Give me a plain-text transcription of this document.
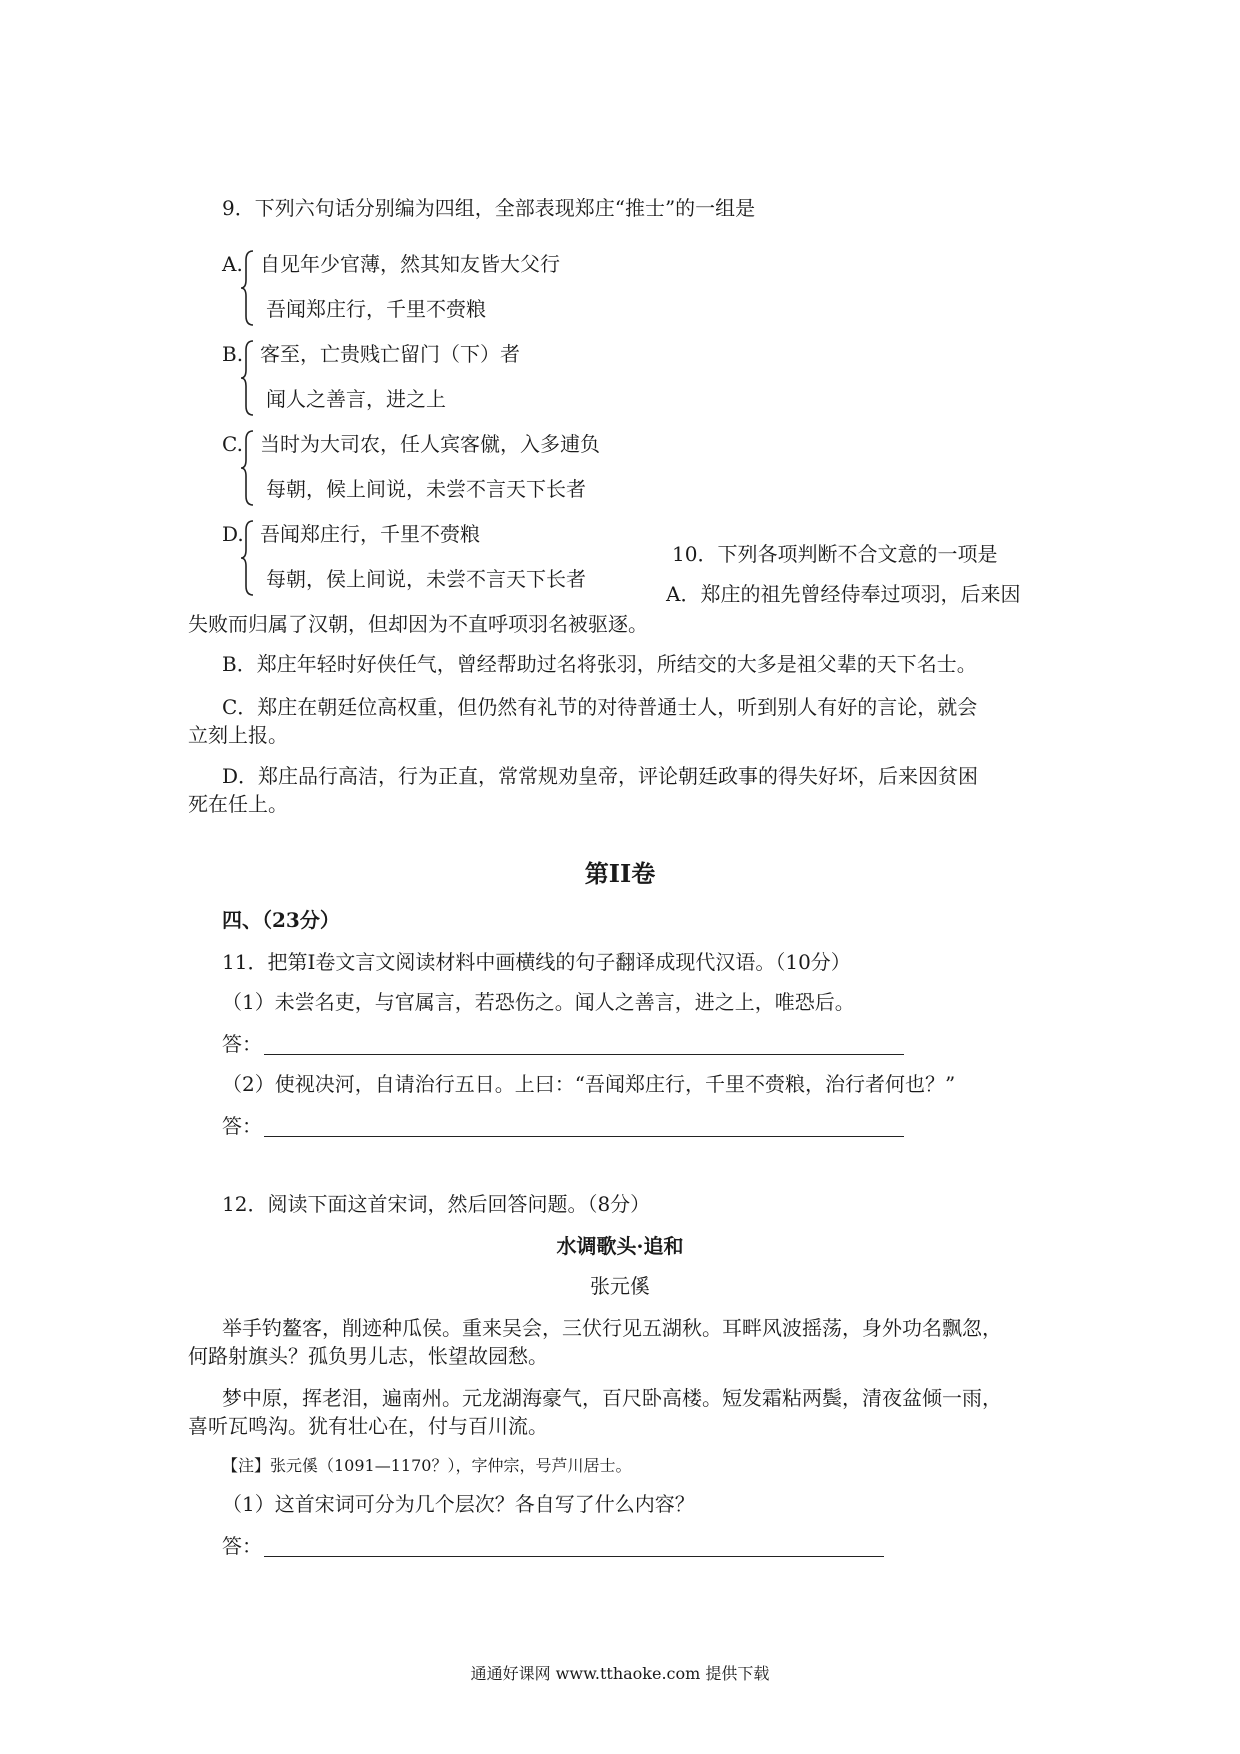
9．下列六句话分别编为四组，全部表现郑庄“推士”的一组是
A. 自见年少官薄，然其知友皆大父行
吾闻郑庄行，千里不赍粮
B. 客至，亡贵贱亡留门（下）者
闻人之善言，进之上
C. 当时为大司农，任人宾客僦，入多逋负
每朝，候上间说，未尝不言天下长者
D. 吾闻郑庄行，千里不赍粮
每朝，侯上间说，未尝不言天下长者
10．下列各项判断不合文意的一项是
A．郑庄的祖先曾经侍奉过项羽，后来因
失败而归属了汉朝，但却因为不直呼项羽名被驱逐。
B．郑庄年轻时好侠任气，曾经帮助过名将张羽，所结交的大多是祖父辈的天下名士。
C．郑庄在朝廷位高权重，但仍然有礼节的对待普通士人，听到别人有好的言论，就会
立刻上报。
D．郑庄品行高洁，行为正直，常常规劝皇帝，评论朝廷政事的得失好坏，后来因贫困
死在任上。
第II卷
四、（23分）
11．把第I卷文言文阅读材料中画横线的句子翻译成现代汉语。（10分）
（1）未尝名吏，与官属言，若恐伤之。闻人之善言，进之上，唯恐后。
答：
（2）使视决河，自请治行五日。上曰：“吾闻郑庄行，千里不赍粮，治行者何也？”
答：
12．阅读下面这首宋词，然后回答问题。（8分）
水调歌头·追和
张元傒
举手钓鳌客，削迹种瓜侯。重来吴会，三伏行见五湖秋。耳畔风波摇荡，身外功名飘忽，
何路射旗头？孤负男儿志，怅望故园愁。
梦中原，挥老泪，遍南州。元龙湖海豪气，百尺卧高楼。短发霜粘两鬓，清夜盆倾一雨，
喜听瓦鸣沟。犹有壮心在，付与百川流。
【注】张元傒（1091—1170？），字仲宗，号芦川居士。
（1）这首宋词可分为几个层次？各自写了什么内容？
答：
通通好课网 www.tthaoke.com 提供下载
